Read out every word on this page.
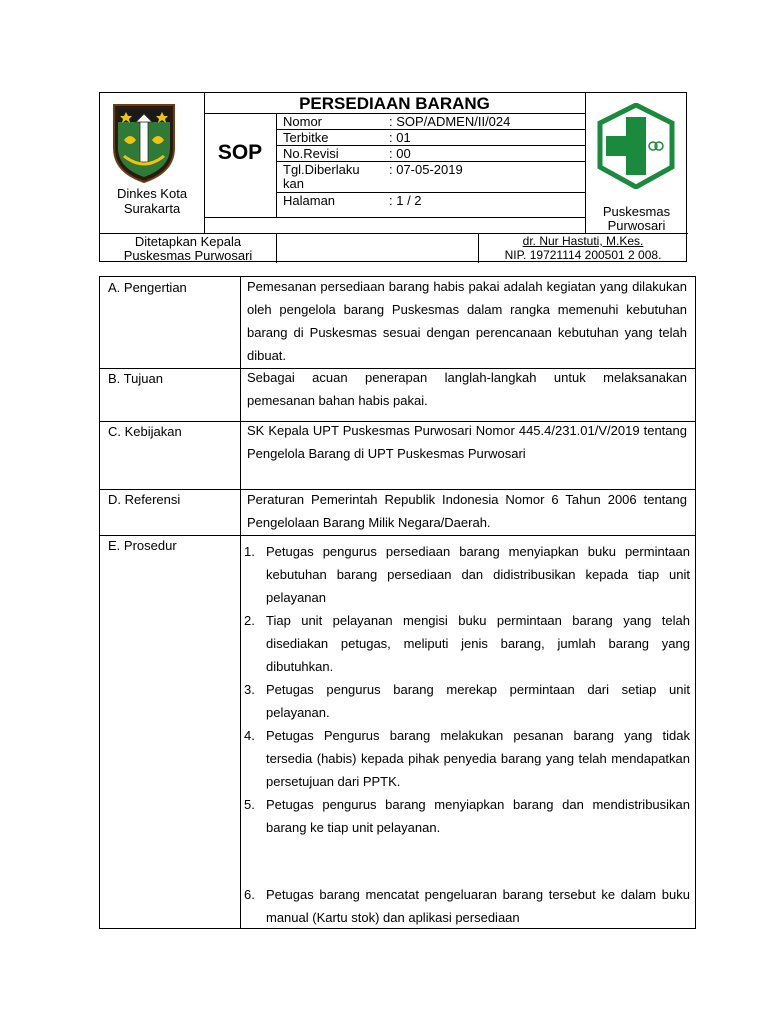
Dinkes Kota
Surakarta
SOP
PERSEDIAAN BARANG
Nomor	: SOP/ADMEN/II/024
Terbitke	: 01
No.Revisi	: 00
Tgl.Diberlaku
kan
: 07-05-2019
Halaman	: 1 / 2
Puskesmas
Purwosari
Ditetapkan Kepala
Puskesmas Purwosari
dr. Nur Hastuti, M.Kes.
NIP. 19721114 200501 2 008.
A. Pengertian	Pemesanan persediaan barang habis pakai adalah kegiatan yang dilakukan oleh pengelola barang Puskesmas dalam rangka memenuhi kebutuhan barang di Puskesmas sesuai dengan perencanaan kebutuhan yang telah dibuat.

B. Tujuan	Sebagai acuan penerapan langlah-langkah untuk melaksanakan pemesanan bahan habis pakai.

C. Kebijakan	SK Kepala UPT Puskesmas Purwosari Nomor 445.4/231.01/V/2019 tentang Pengelola Barang di UPT Puskesmas Purwosari

D. Referensi	Peraturan Pemerintah Republik Indonesia Nomor 6 Tahun 2006 tentang Pengelolaan Barang Milik Negara/Daerah.

E. Prosedur	1. Petugas pengurus persediaan barang menyiapkan buku permintaan kebutuhan barang persediaan dan didistribusikan kepada tiap unit pelayanan
2. Tiap unit pelayanan mengisi buku permintaan barang yang telah disediakan petugas, meliputi jenis barang, jumlah barang yang dibutuhkan.
3. Petugas pengurus barang merekap permintaan dari setiap unit pelayanan.
4. Petugas Pengurus barang melakukan pesanan barang yang tidak tersedia (habis) kepada pihak penyedia barang yang telah mendapatkan persetujuan dari PPTK.
5. Petugas pengurus barang menyiapkan barang dan mendistribusikan barang ke tiap unit pelayanan.
6. Petugas barang mencatat pengeluaran barang tersebut ke dalam buku manual (Kartu stok) dan aplikasi persediaan
